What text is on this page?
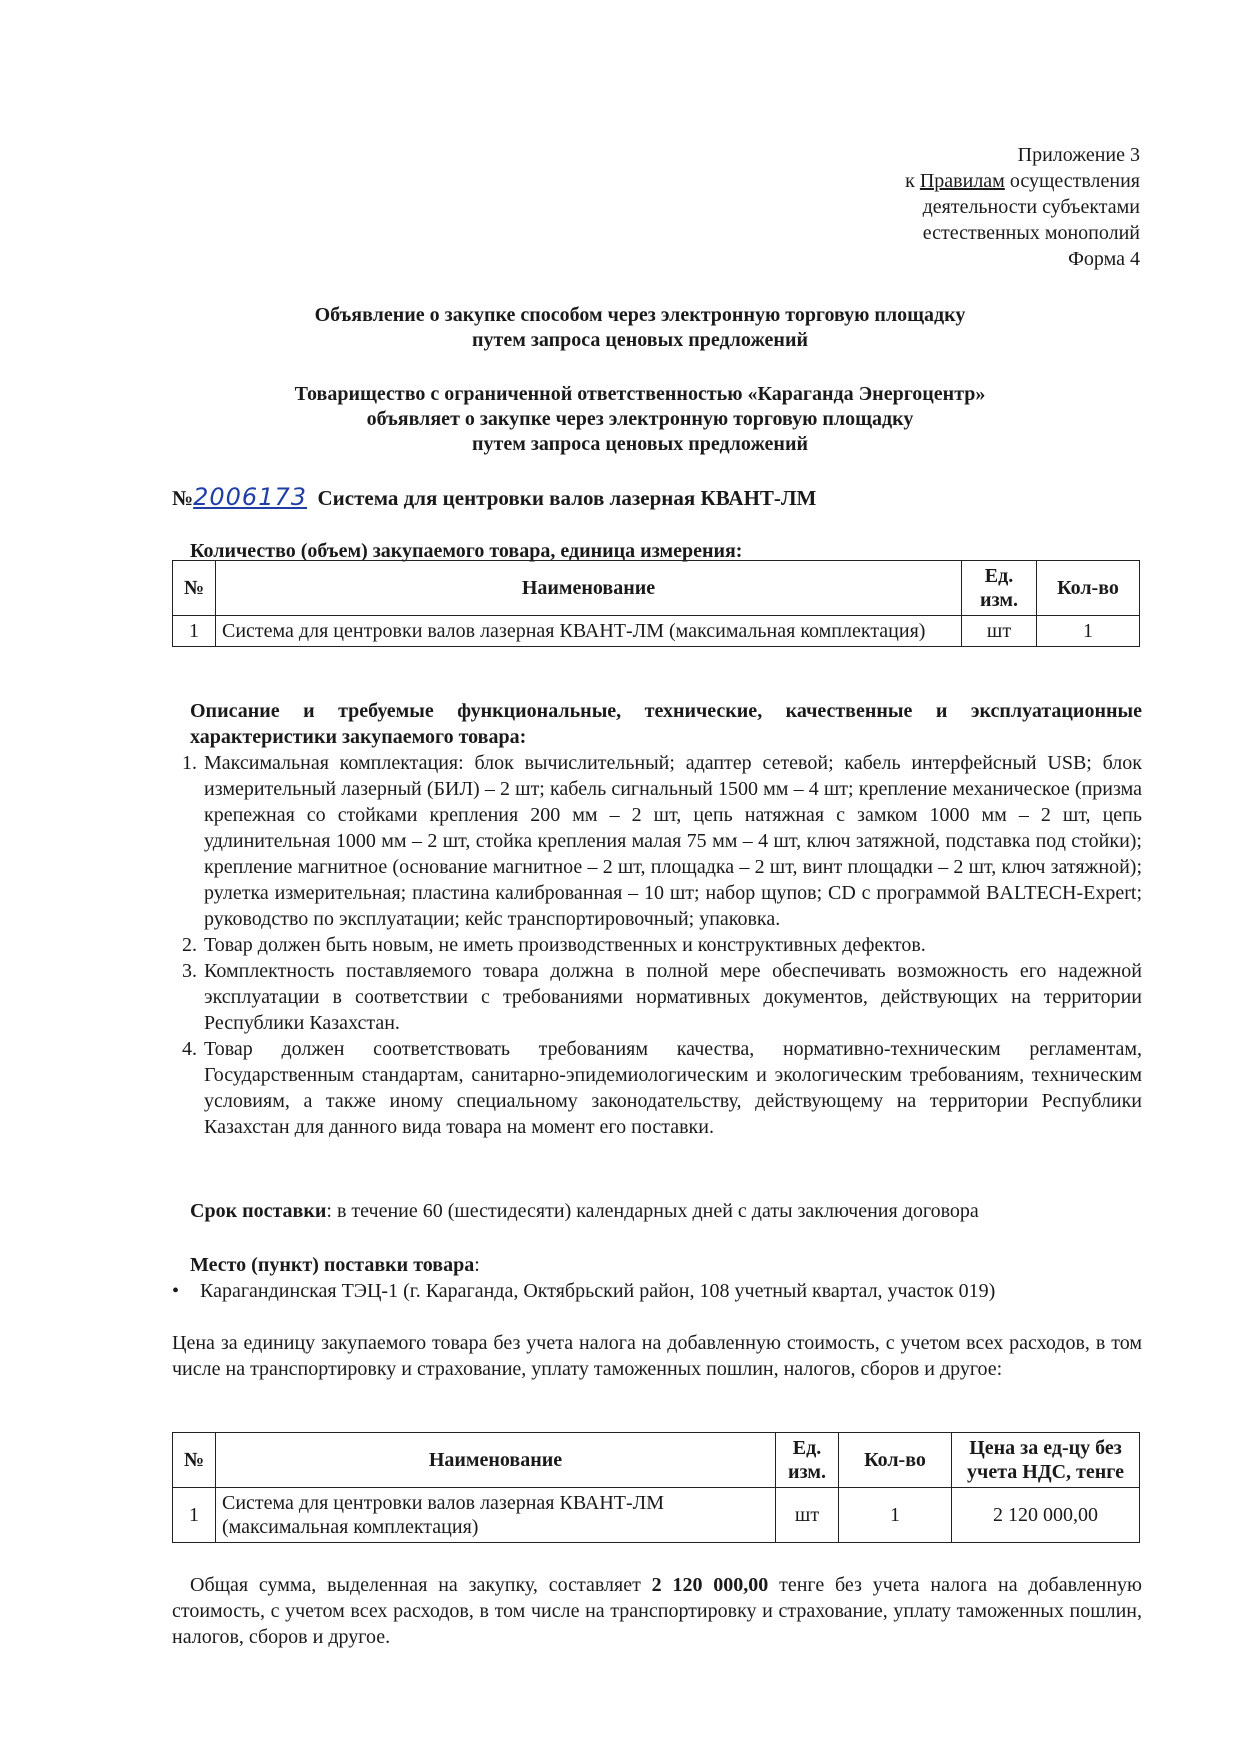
Приложение 3
к Правилам осуществления
деятельности субъектами
естественных монополий
Форма 4
Объявление о закупке способом через электронную торговую площадку
путем запроса ценовых предложений
Товарищество с ограниченной ответственностью «Караганда Энергоцентр»
объявляет о закупке через электронную торговую площадку
путем запроса ценовых предложений
№2006173 Система для центровки валов лазерная КВАНТ-ЛМ
Количество (объем) закупаемого товара, единица измерения:
№	Наименование	Ед. изм.	Кол-во
1	Система для центровки валов лазерная КВАНТ-ЛМ (максимальная комплектация)	шт	1
Описание и требуемые функциональные, технические, качественные и эксплуатационные характеристики закупаемого товара:
1. Максимальная комплектация: блок вычислительный; адаптер сетевой; кабель интерфейсный USB; блок измерительный лазерный (БИЛ) – 2 шт; кабель сигнальный 1500 мм – 4 шт; крепление механическое (призма крепежная со стойками крепления 200 мм – 2 шт, цепь натяжная с замком 1000 мм – 2 шт, цепь удлинительная 1000 мм – 2 шт, стойка крепления малая 75 мм – 4 шт, ключ затяжной, подставка под стойки); крепление магнитное (основание магнитное – 2 шт, площадка – 2 шт, винт площадки – 2 шт, ключ затяжной); рулетка измерительная; пластина калиброванная – 10 шт; набор щупов; CD с программой BALTECH-Expert; руководство по эксплуатации; кейс транспортировочный; упаковка.
2. Товар должен быть новым, не иметь производственных и конструктивных дефектов.
3. Комплектность поставляемого товара должна в полной мере обеспечивать возможность его надежной эксплуатации в соответствии с требованиями нормативных документов, действующих на территории Республики Казахстан.
4. Товар должен соответствовать требованиям качества, нормативно-техническим регламентам, Государственным стандартам, санитарно-эпидемиологическим и экологическим требованиям, техническим условиям, а также иному специальному законодательству, действующему на территории Республики Казахстан для данного вида товара на момент его поставки.
Срок поставки: в течение 60 (шестидесяти) календарных дней с даты заключения договора
Место (пункт) поставки товара:
• Карагандинская ТЭЦ-1 (г. Караганда, Октябрьский район, 108 учетный квартал, участок 019)
Цена за единицу закупаемого товара без учета налога на добавленную стоимость, с учетом всех расходов, в том числе на транспортировку и страхование, уплату таможенных пошлин, налогов, сборов и другое:
№	Наименование	Ед. изм.	Кол-во	Цена за ед-цу без учета НДС, тенге
1	Система для центровки валов лазерная КВАНТ-ЛМ (максимальная комплектация)	шт	1	2 120 000,00
Общая сумма, выделенная на закупку, составляет 2 120 000,00 тенге без учета налога на добавленную стоимость, с учетом всех расходов, в том числе на транспортировку и страхование, уплату таможенных пошлин, налогов, сборов и другое.
